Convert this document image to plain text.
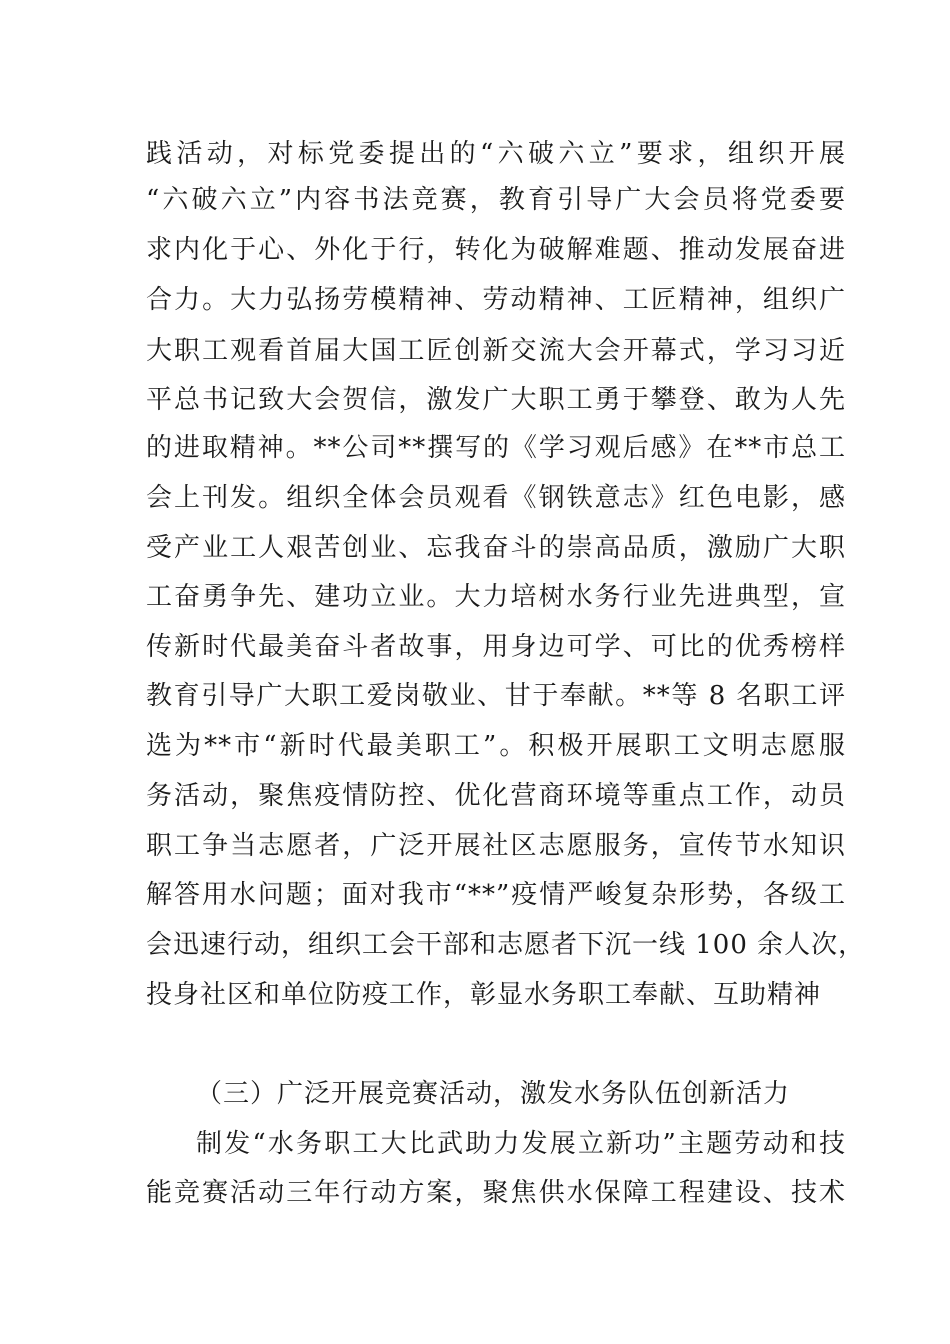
践活动，对标党委提出的“六破六立”要求，组织开展
“六破六立”内容书法竞赛，教育引导广大会员将党委要
求内化于心、外化于行，转化为破解难题、推动发展奋进
合力。大力弘扬劳模精神、劳动精神、工匠精神，组织广
大职工观看首届大国工匠创新交流大会开幕式，学习习近
平总书记致大会贺信，激发广大职工勇于攀登、敢为人先
的进取精神。**公司**撰写的《学习观后感》在**市总工
会上刊发。组织全体会员观看《钢铁意志》红色电影，感
受产业工人艰苦创业、忘我奋斗的崇高品质，激励广大职
工奋勇争先、建功立业。大力培树水务行业先进典型，宣
传新时代最美奋斗者故事，用身边可学、可比的优秀榜样
教育引导广大职工爱岗敬业、甘于奉献。**等 8 名职工评
选为**市“新时代最美职工”。积极开展职工文明志愿服
务活动，聚焦疫情防控、优化营商环境等重点工作，动员
职工争当志愿者，广泛开展社区志愿服务，宣传节水知识
解答用水问题；面对我市“**”疫情严峻复杂形势，各级工
会迅速行动，组织工会干部和志愿者下沉一线 100 余人次，
投身社区和单位防疫工作，彰显水务职工奉献、互助精神
（三）广泛开展竞赛活动，激发水务队伍创新活力
制发“水务职工大比武助力发展立新功”主题劳动和技
能竞赛活动三年行动方案，聚焦供水保障工程建设、技术
